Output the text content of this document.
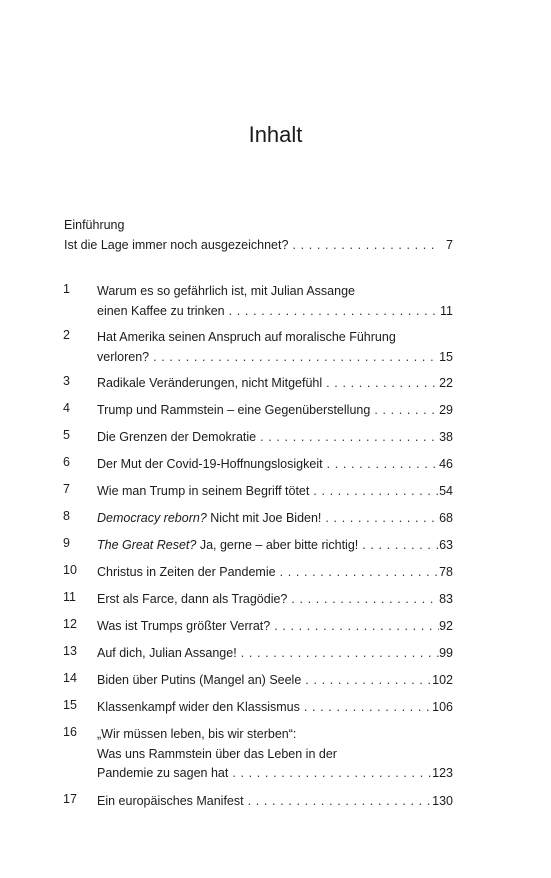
Inhalt
Einführung
Ist die Lage immer noch ausgezeichnet? . . .	7
1	Warum es so gefährlich ist, mit Julian Assange
einen Kaffee zu trinken . . .	11
2	Hat Amerika seinen Anspruch auf moralische Führung
verloren? . . .	15
3	Radikale Veränderungen, nicht Mitgefühl . . .	22
4	Trump und Rammstein – eine Gegenüberstellung . . .	29
5	Die Grenzen der Demokratie . . .	38
6	Der Mut der Covid-19-Hoffnungslosigkeit . . .	46
7	Wie man Trump in seinem Begriff tötet . . .	54
8	Democracy reborn? Nicht mit Joe Biden! . . .	68
9	The Great Reset? Ja, gerne – aber bitte richtig! . . .	63
10	Christus in Zeiten der Pandemie . . .	78
11	Erst als Farce, dann als Tragödie? . . .	83
12	Was ist Trumps größter Verrat? . . .	92
13	Auf dich, Julian Assange! . . .	99
14	Biden über Putins (Mangel an) Seele . . .	102
15	Klassenkampf wider den Klassismus . . .	106
16	„Wir müssen leben, bis wir sterben“:
Was uns Rammstein über das Leben in der
Pandemie zu sagen hat . . .	123
17	Ein europäisches Manifest . . .	130
